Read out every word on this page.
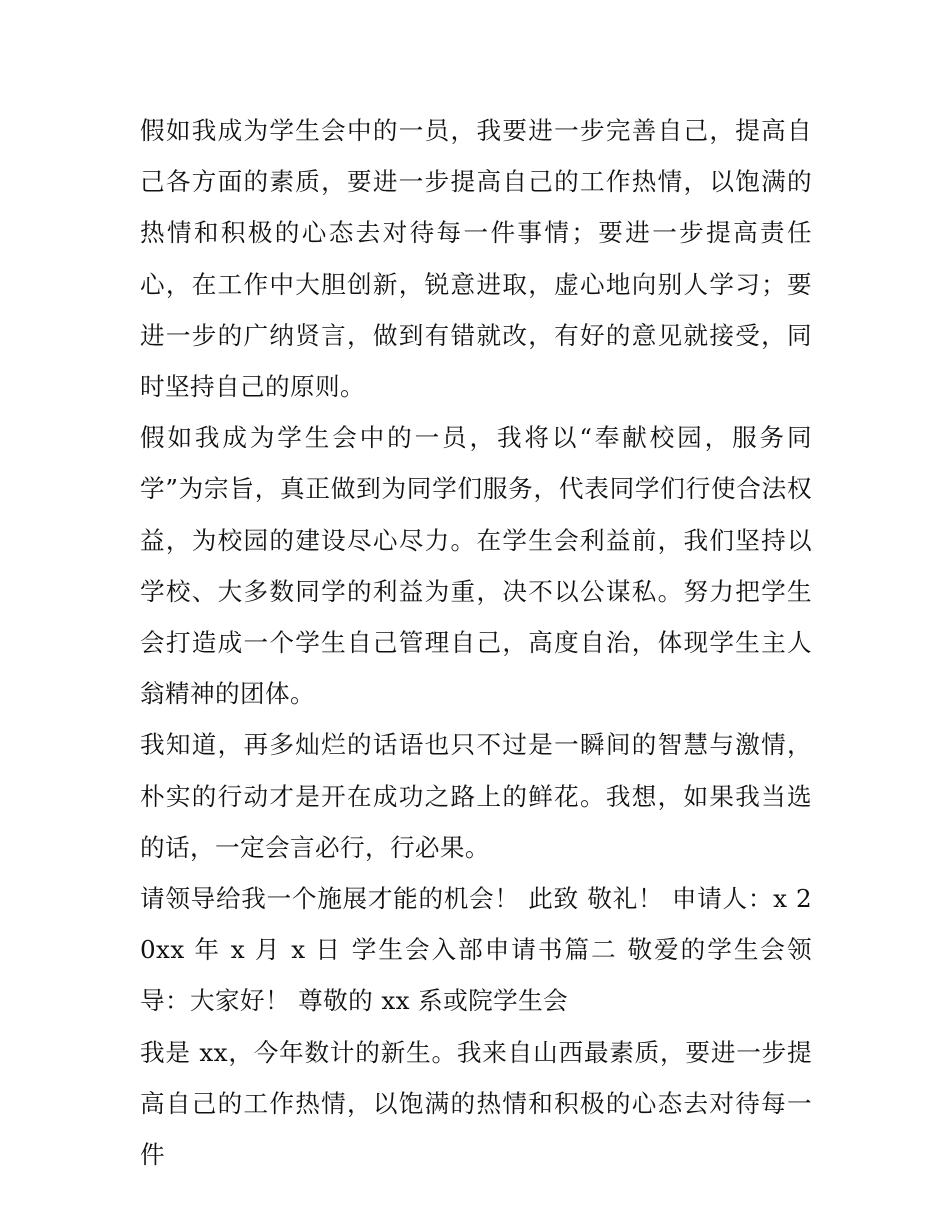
假如我成为学生会中的一员，我要进一步完善自己，提高自己各方面的素质，要进一步提高自己的工作热情，以饱满的热情和积极的心态去对待每一件事情；要进一步提高责任心，在工作中大胆创新，锐意进取，虚心地向别人学习；要进一步的广纳贤言，做到有错就改，有好的意见就接受，同时坚持自己的原则。

假如我成为学生会中的一员，我将以“奉献校园，服务同学”为宗旨，真正做到为同学们服务，代表同学们行使合法权益，为校园的建设尽心尽力。在学生会利益前，我们坚持以学校、大多数同学的利益为重，决不以公谋私。努力把学生会打造成一个学生自己管理自己，高度自治，体现学生主人翁精神的团体。

我知道，再多灿烂的话语也只不过是一瞬间的智慧与激情，朴实的行动才是开在成功之路上的鲜花。我想，如果我当选的话，一定会言必行，行必果。

请领导给我一个施展才能的机会！ 此致 敬礼！ 申请人：x 20xx 年 x 月 x 日 学生会入部申请书篇二 敬爱的学生会领导：大家好！ 尊敬的 xx 系或院学生会

我是 xx，今年数计的新生。我来自山西最素质，要进一步提高自己的工作热情，以饱满的热情和积极的心态去对待每一件
